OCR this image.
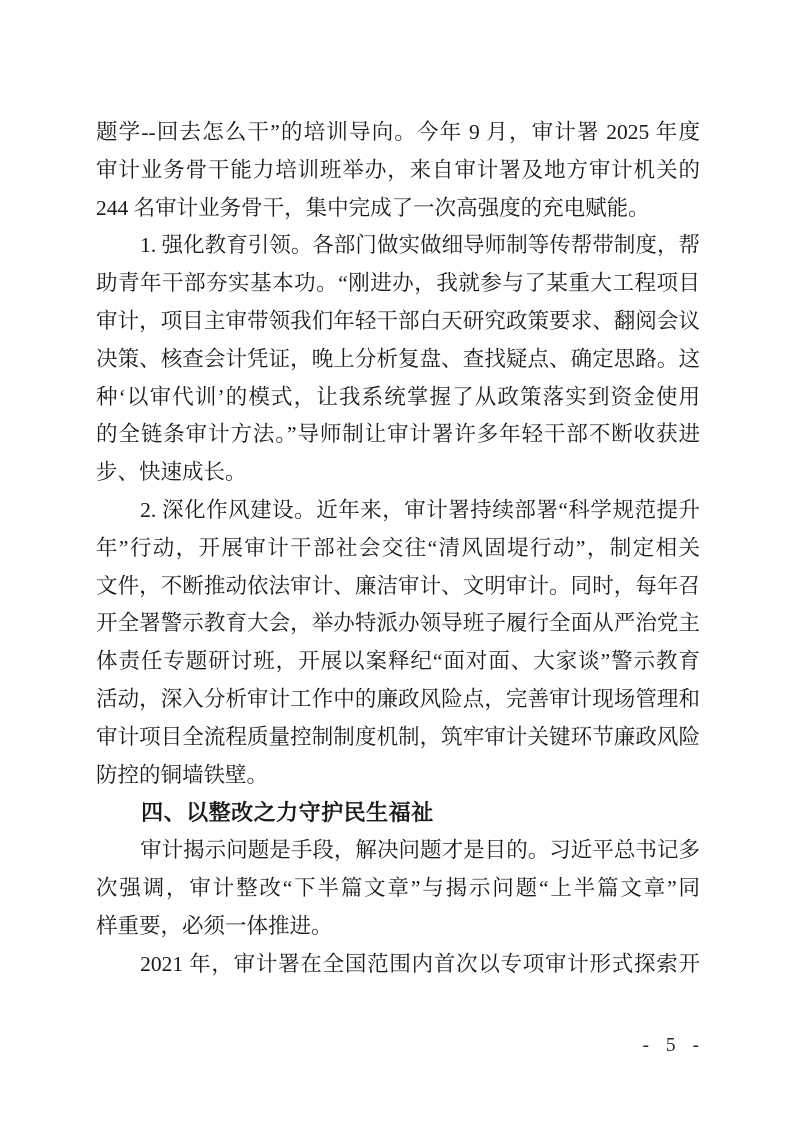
题学--回去怎么干”的培训导向。今年 9 月，审计署 2025 年度
审计业务骨干能力培训班举办，来自审计署及地方审计机关的
244 名审计业务骨干，集中完成了一次高强度的充电赋能。
1. 强化教育引领。各部门做实做细导师制等传帮带制度，帮
助青年干部夯实基本功。“刚进办，我就参与了某重大工程项目
审计，项目主审带领我们年轻干部白天研究政策要求、翻阅会议
决策、核查会计凭证，晚上分析复盘、查找疑点、确定思路。这
种‘以审代训’的模式，让我系统掌握了从政策落实到资金使用
的全链条审计方法。”导师制让审计署许多年轻干部不断收获进
步、快速成长。
2. 深化作风建设。近年来，审计署持续部署“科学规范提升
年”行动，开展审计干部社会交往“清风固堤行动”，制定相关
文件，不断推动依法审计、廉洁审计、文明审计。同时，每年召
开全署警示教育大会，举办特派办领导班子履行全面从严治党主
体责任专题研讨班，开展以案释纪“面对面、大家谈”警示教育
活动，深入分析审计工作中的廉政风险点，完善审计现场管理和
审计项目全流程质量控制制度机制，筑牢审计关键环节廉政风险
防控的铜墙铁壁。
四、以整改之力守护民生福祉
审计揭示问题是手段，解决问题才是目的。习近平总书记多
次强调，审计整改“下半篇文章”与揭示问题“上半篇文章”同
样重要，必须一体推进。
2021 年，审计署在全国范围内首次以专项审计形式探索开
- 5 -
